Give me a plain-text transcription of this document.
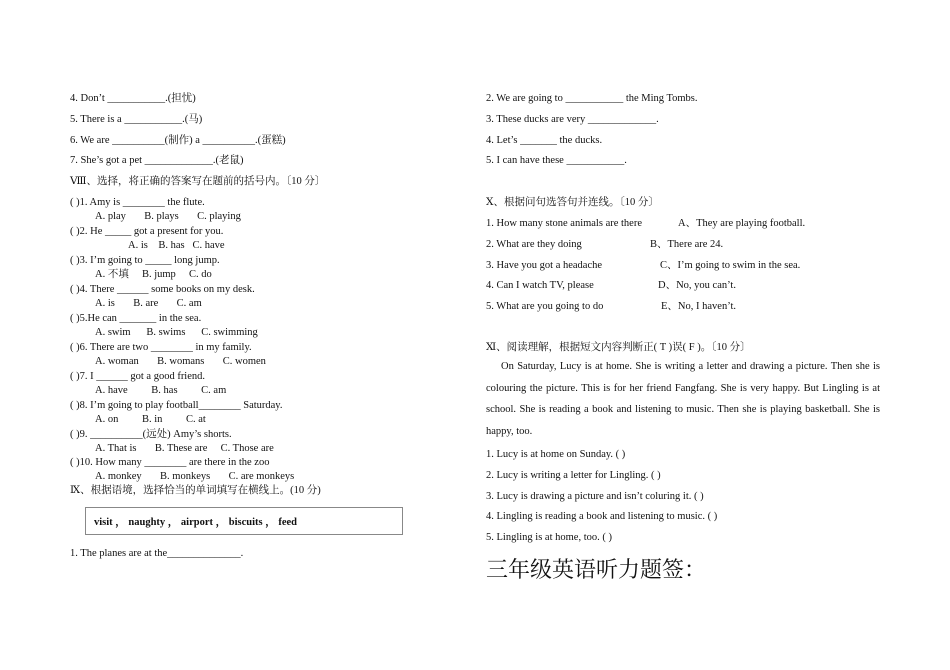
4. Don’t ___________.(担忧)
5. There is a ___________.(马)
6. We are __________(制作) a __________.(蛋糕)
7. She’s got a pet _____________.(老鼠)
Ⅷ、选择，将正确的答案写在题前的括号内。〔10 分〕
( )1. Amy is ________ the flute.
A. play B. plays C. playing
( )2. He _____ got a present for you.
A. is B. has C. have
( )3. I’m going to _____ long jump.
A. 不填 B. jump C. do
( )4. There ______ some books on my desk.
A. is B. are C. am
( )5.He can _______ in the sea.
A. swim B. swims C. swimming
( )6. There are two ________ in my family.
A. woman B. womans C. women
( )7. I ______ got a good friend.
A. have B. has C. am
( )8. I’m going to play football________ Saturday.
A. on B. in C. at
( )9. __________(远处) Amy’s shorts.
A. That is B. These are C. Those are
( )10. How many ________ are there in the zoo
A. monkey B. monkeys C. are monkeys
Ⅸ、根据语境，选择恰当的单词填写在横线上。(10 分)
visit ， naughty ， airport ， biscuits ， feed
1. The planes are at the______________.
2. We are going to ___________ the Ming Tombs.
3. These ducks are very _____________.
4. Let’s _______ the ducks.
5. I can have these ___________.
Ⅹ、根据问句选答句并连线。〔10 分〕
1. How many stone animals are there	A、They are playing football.
2. What are they doing	B、There are 24.
3. Have you got a headache	C、I’m going to swim in the sea.
4. Can I watch TV, please	D、No, you can’t.
5. What are you going to do	E、No, I haven’t.
Ⅺ、阅读理解，根据短文内容判断正( T )误( F )。〔10 分〕
On Saturday, Lucy is at home. She is writing a letter and drawing a picture. Then she is colouring the picture. This is for her friend Fangfang. She is very happy. But Lingling is at school. She is reading a book and listening to music. Then she is playing basketball. She is happy, too.
1. Lucy is at home on Sunday. ( )
2. Lucy is writing a letter for Lingling. ( )
3. Lucy is drawing a picture and isn’t coluring it. ( )
4. Lingling is reading a book and listening to music. ( )
5. Lingling is at home, too. ( )
三年级英语听力题签：
